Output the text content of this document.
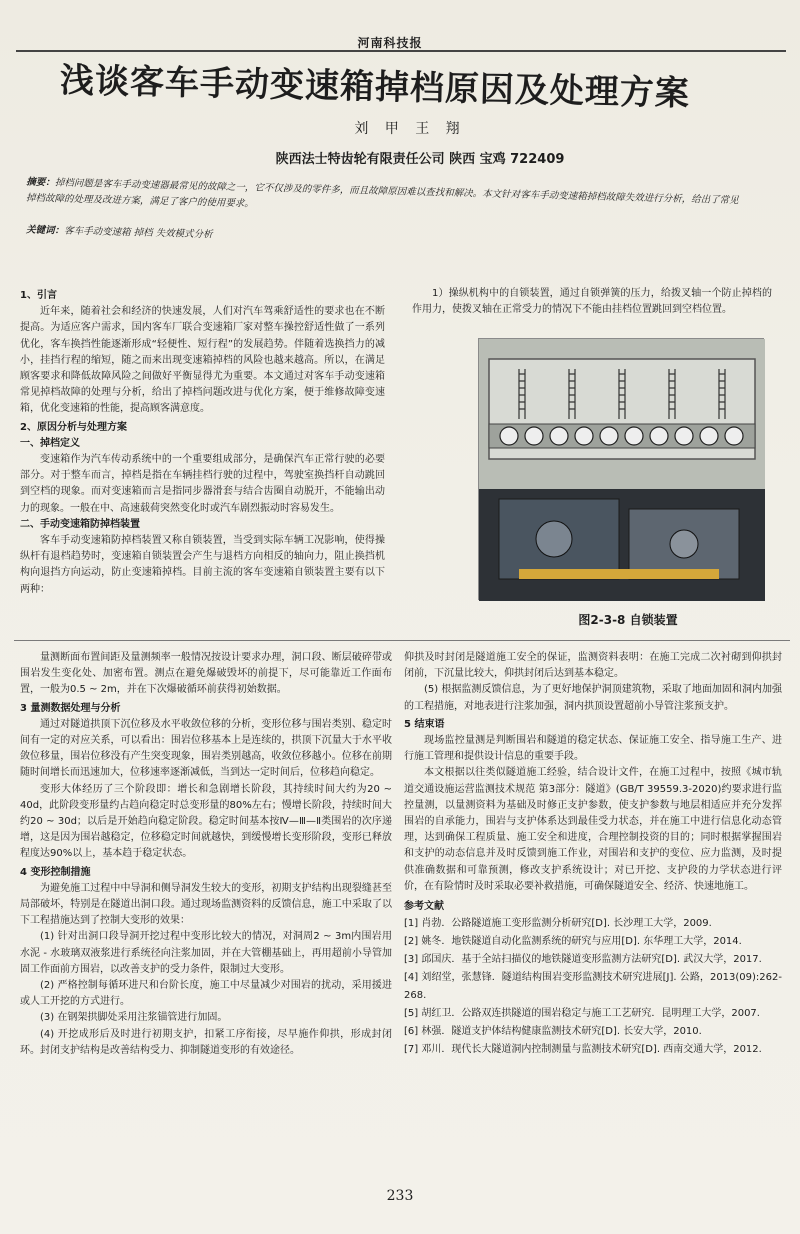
河南科技报
浅谈客车手动变速箱掉档原因及处理方案
刘 甲 王 翔
陕西法士特齿轮有限责任公司 陕西 宝鸡 722409
摘要：掉档问题是客车手动变速器最常见的故障之一，它不仅涉及的零件多，而且故障原因难以查找和解决。本文针对客车手动变速箱掉档故障失效进行分析，给出了常见掉档故障的处理及改进方案，满足了客户的使用要求。
关键词：客车手动变速箱 掉档 失效模式分析
1、引言
近年来，随着社会和经济的快速发展，人们对汽车驾乘舒适性的要求也在不断提高。为适应客户需求，国内客车厂联合变速箱厂家对整车操控舒适性做了一系列优化，客车换挡性能逐渐形成“轻便性、短行程”的发展趋势。伴随着选换挡力的减小，挂挡行程的缩短，随之而来出现变速箱掉档的风险也越来越高。所以，在满足顾客要求和降低故障风险之间做好平衡显得尤为重要。本文通过对客车手动变速箱常见掉档故障的处理与分析，给出了掉档问题改进与优化方案，便于维修故障变速箱，优化变速箱的性能，提高顾客满意度。
2、原因分析与处理方案
一、掉档定义
变速箱作为汽车传动系统中的一个重要组成部分，是确保汽车正常行驶的必要部分。对于整车而言，掉档是指在车辆挂档行驶的过程中，驾驶室换挡杆自动跳回到空档的现象。而对变速箱而言是指同步器滑套与结合齿圈自动脱开，不能输出动力的现象。一般在中、高速载荷突然变化时或汽车剧烈振动时容易发生。
二、手动变速箱防掉档装置
客车手动变速箱防掉档装置又称自锁装置，当受到实际车辆工况影响，使得操纵杆有退档趋势时，变速箱自锁装置会产生与退档方向相反的轴向力，阻止换挡机构向退挡方向运动，防止变速箱掉档。目前主流的客车变速箱自锁装置主要有以下两种：
1）操纵机构中的自锁装置，通过自锁弹簧的压力，给拨叉轴一个防止掉档的作用力，使拨叉轴在正常受力的情况下不能由挂档位置跳回到空档位置。
图2-3-8 自锁装置
量测断面布置间距及量测频率一般情况按设计要求办理，洞口段、断层破碎带或围岩发生变化处、加密布置。测点在避免爆破毁坏的前提下，尽可能靠近工作面布置，一般为0.5 ~ 2m，并在下次爆破循环前获得初始数据。
3 量测数据处理与分析
通过对隧道拱顶下沉位移及水平收敛位移的分析，变形位移与围岩类别、稳定时间有一定的对应关系，可以看出：围岩位移基本上是连续的，拱顶下沉量大于水平收敛位移量，围岩位移没有产生突变现象，围岩类别越高，收敛位移越小。位移在前期随时间增长而迅速加大，位移速率逐渐减低，当到达一定时间后，位移趋向稳定。
变形大体经历了三个阶段即：增长和急剧增长阶段，其持续时间大约为20 ~ 40d，此阶段变形量约占趋向稳定时总变形量的80%左右；慢增长阶段，持续时间大约20 ~ 30d；以后是开始趋向稳定阶段。稳定时间基本按Ⅳ—Ⅲ—Ⅱ类围岩的次序递增，这是因为围岩越稳定，位移稳定时间就越快，到缓慢增长变形阶段，变形已释放程度达90%以上，基本趋于稳定状态。
4 变形控制措施
为避免施工过程中中导洞和侧导洞发生较大的变形，初期支护结构出现裂缝甚至局部破坏，特别是在隧道出洞口段。通过现场监测资料的反馈信息，施工中采取了以下工程措施达到了控制大变形的效果：
(1) 针对出洞口段导洞开挖过程中变形比较大的情况，对洞周2 ~ 3m内围岩用水泥 - 水玻璃双液浆进行系统径向注浆加固，并在大管棚基础上，再用超前小导管加固工作面前方围岩，以改善支护的受力条件，限制过大变形。
(2) 严格控制每循环进尺和台阶长度，施工中尽量减少对围岩的扰动，采用援进或人工开挖的方式进行。
(3) 在钢架拱脚处采用注浆锚管进行加固。
(4) 开挖成形后及时进行初期支护，扣紧工序衔接，尽早施作仰拱，形成封闭环。封闭支护结构是改善结构受力、抑制隧道变形的有效途径。
仰拱及时封闭是隧道施工安全的保证，监测资料表明：在施工完成二次衬砌到仰拱封闭前，下沉量比较大，仰拱封闭后达到基本稳定。
(5) 根据监测反馈信息，为了更好地保护洞顶建筑物，采取了地面加固和洞内加强的工程措施，对地表进行注浆加强，洞内拱顶设置超前小导管注浆预支护。
5 结束语
现场监控量测是判断围岩和隧道的稳定状态、保证施工安全、指导施工生产、进行施工管理和提供设计信息的重要手段。
本文根据以往类似隧道施工经验，结合设计文件，在施工过程中，按照《城市轨道交通设施运营监测技术规范 第3部分：隧道》(GB/T 39559.3-2020)约要求进行监控量测，以量测资料为基础及时修正支护参数，使支护参数与地层相适应并充分发挥围岩的自承能力，围岩与支护体系达到最佳受力状态，并在施工中进行信息化动态管理，达到确保工程质量、施工安全和进度，合理控制投资的目的；同时根据掌握围岩和支护的动态信息并及时反馈到施工作业，对围岩和支护的变位、应力监测，及时提供准确数据和可靠预测，修改支护系统设计；对已开挖、支护段的力学状态进行评价，在有险情时及时采取必要补救措施，可确保隧道安全、经济、快速地施工。
参考文献
[1] 肖勃．公路隧道施工变形监测分析研究[D]. 长沙理工大学，2009.
[2] 姚冬．地铁隧道自动化监测系统的研究与应用[D]. 东华理工大学，2014.
[3] 邱国庆．基于全站扫描仪的地铁隧道变形监测方法研究[D]. 武汉大学，2017.
[4] 刘绍堂，张慧锋．隧道结构围岩变形监测技术研究进展[J]. 公路，2013(09):262-268.
[5] 胡红卫．公路双连拱隧道的围岩稳定与施工工艺研究．昆明理工大学，2007.
[6] 林强．隧道支护体结构健康监测技术研究[D]. 长安大学，2010.
[7] 邓川．现代长大隧道洞内控制测量与监测技术研究[D]. 西南交通大学，2012.
233
